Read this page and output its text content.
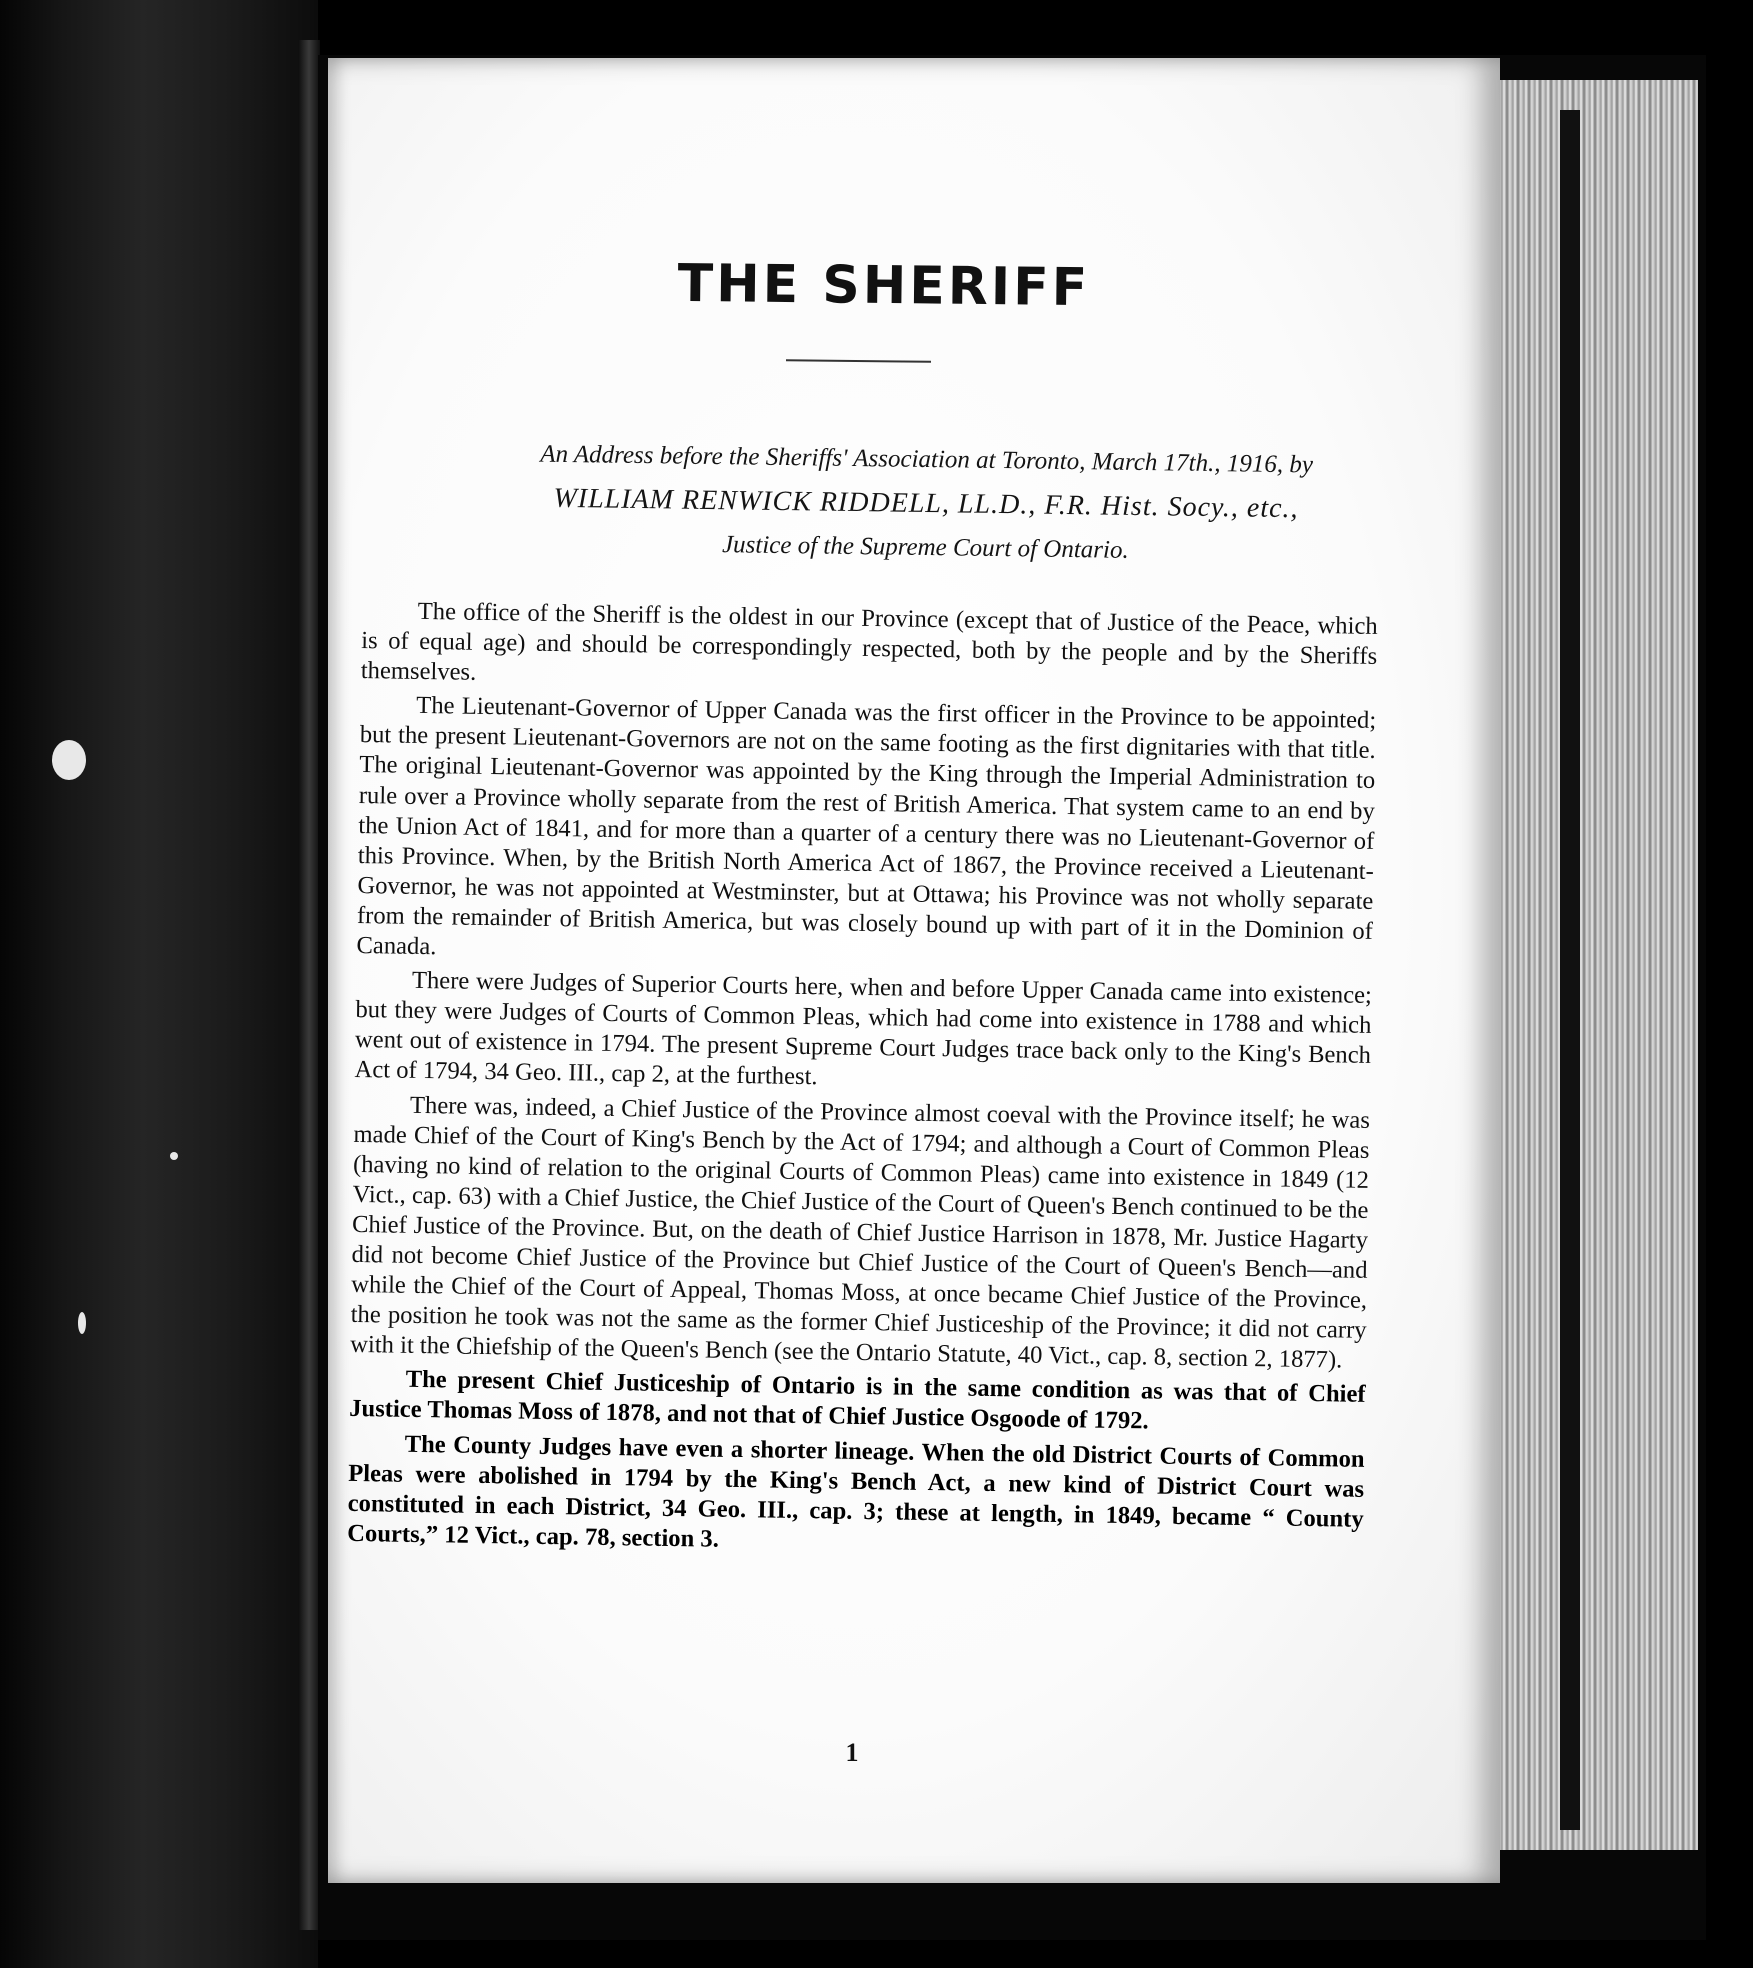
THE SHERIFF
An Address before the Sheriffs' Association at Toronto, March 17th., 1916, by
WILLIAM RENWICK RIDDELL, LL.D., F.R. Hist. Socy., etc.,
Justice of the Supreme Court of Ontario.

The office of the Sheriff is the oldest in our Province (except that of Justice of the Peace, which is of equal age) and should be correspondingly respected, both by the people and by the Sheriffs themselves.

The Lieutenant-Governor of Upper Canada was the first officer in the Province to be appointed; but the present Lieutenant-Governors are not on the same footing as the first dignitaries with that title. The original Lieutenant-Governor was appointed by the King through the Imperial Administration to rule over a Province wholly separate from the rest of British America. That system came to an end by the Union Act of 1841, and for more than a quarter of a century there was no Lieutenant-Governor of this Province. When, by the British North America Act of 1867, the Province received a Lieutenant-Governor, he was not appointed at Westminster, but at Ottawa; his Province was not wholly separate from the remainder of British America, but was closely bound up with part of it in the Dominion of Canada.

There were Judges of Superior Courts here, when and before Upper Canada came into existence; but they were Judges of Courts of Common Pleas, which had come into existence in 1788 and which went out of existence in 1794. The present Supreme Court Judges trace back only to the King's Bench Act of 1794, 34 Geo. III., cap 2, at the furthest.

There was, indeed, a Chief Justice of the Province almost coeval with the Province itself; he was made Chief of the Court of King's Bench by the Act of 1794; and although a Court of Common Pleas (having no kind of relation to the original Courts of Common Pleas) came into existence in 1849 (12 Vict., cap. 63) with a Chief Justice, the Chief Justice of the Court of Queen's Bench continued to be the Chief Justice of the Province. But, on the death of Chief Justice Harrison in 1878, Mr. Justice Hagarty did not become Chief Justice of the Province but Chief Justice of the Court of Queen's Bench—and while the Chief of the Court of Appeal, Thomas Moss, at once became Chief Justice of the Province, the position he took was not the same as the former Chief Justiceship of the Province; it did not carry with it the Chiefship of the Queen's Bench (see the Ontario Statute, 40 Vict., cap. 8, section 2, 1877).

The present Chief Justiceship of Ontario is in the same condition as was that of Chief Justice Thomas Moss of 1878, and not that of Chief Justice Osgoode of 1792.

The County Judges have even a shorter lineage. When the old District Courts of Common Pleas were abolished in 1794 by the King's Bench Act, a new kind of District Court was constituted in each District, 34 Geo. III., cap. 3; these at length, in 1849, became “ County Courts,” 12 Vict., cap. 78, section 3.

1
